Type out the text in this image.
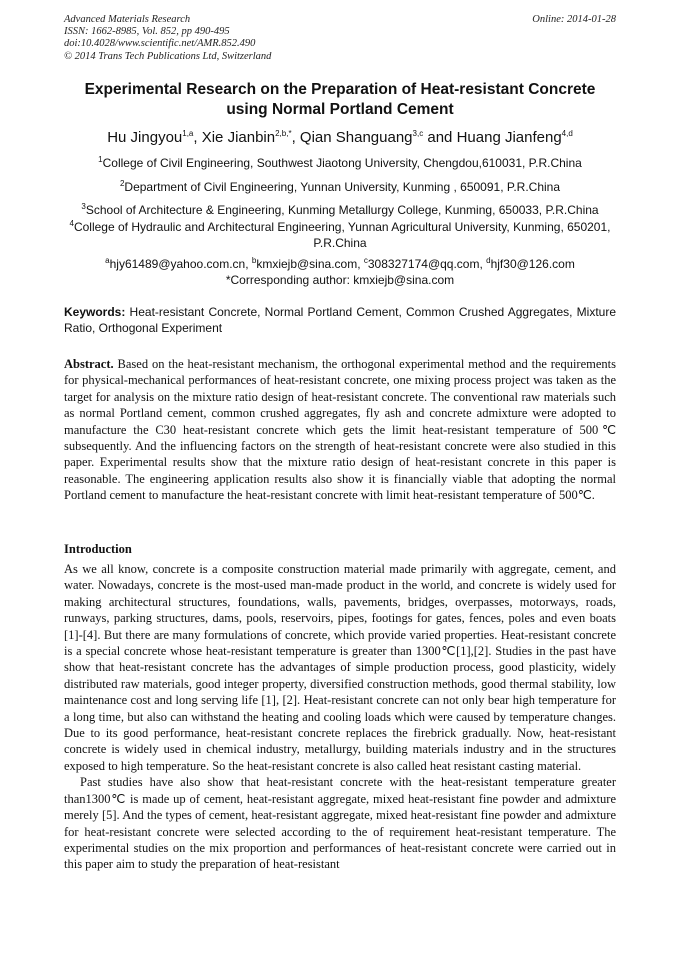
Advanced Materials Research
ISSN: 1662-8985, Vol. 852, pp 490-495
doi:10.4028/www.scientific.net/AMR.852.490
© 2014 Trans Tech Publications Ltd, Switzerland
Online: 2014-01-28
Experimental Research on the Preparation of Heat-resistant Concrete using Normal Portland Cement
Hu Jingyou$^{1,a}$, Xie Jianbin$^{2,b,*}$, Qian Shanguang$^{3,c}$ and Huang Jianfeng$^{4,d}$
$^1$College of Civil Engineering, Southwest Jiaotong University, Chengdou,610031, P.R.China
$^2$Department of Civil Engineering, Yunnan University, Kunming , 650091, P.R.China
$^3$School of Architecture & Engineering, Kunming Metallurgy College, Kunming, 650033, P.R.China
$^4$College of Hydraulic and Architectural Engineering, Yunnan Agricultural University, Kunming, 650201, P.R.China
$^a$hjy61489@yahoo.com.cn, $^b$kmxiejb@sina.com, $^c$308327174@qq.com, $^d$hjf30@126.com
*Corresponding author: kmxiejb@sina.com
Keywords: Heat-resistant Concrete, Normal Portland Cement, Common Crushed Aggregates, Mixture Ratio, Orthogonal Experiment
Abstract. Based on the heat-resistant mechanism, the orthogonal experimental method and the requirements for physical-mechanical performances of heat-resistant concrete, one mixing process project was taken as the target for analysis on the mixture ratio design of heat-resistant concrete. The conventional raw materials such as normal Portland cement, common crushed aggregates, fly ash and concrete admixture were adopted to manufacture the C30 heat-resistant concrete which gets the limit heat-resistant temperature of 500℃ subsequently. And the influencing factors on the strength of heat-resistant concrete were also studied in this paper. Experimental results show that the mixture ratio design of heat-resistant concrete in this paper is reasonable. The engineering application results also show it is financially viable that adopting the normal Portland cement to manufacture the heat-resistant concrete with limit heat-resistant temperature of 500℃.
Introduction

As we all know, concrete is a composite construction material made primarily with aggregate, cement, and water. Nowadays, concrete is the most-used man-made product in the world, and concrete is widely used for making architectural structures, foundations, walls, pavements, bridges, overpasses, motorways, roads, runways, parking structures, dams, pools, reservoirs, pipes, footings for gates, fences, poles and even boats [1]-[4]. But there are many formulations of concrete, which provide varied properties. Heat-resistant concrete is a special concrete whose heat-resistant temperature is greater than 1300℃[1],[2]. Studies in the past have show that heat-resistant concrete has the advantages of simple production process, good plasticity, widely distributed raw materials, good integer property, diversified construction methods, good thermal stability, low maintenance cost and long serving life [1], [2]. Heat-resistant concrete can not only bear high temperature for a long time, but also can withstand the heating and cooling loads which were caused by temperature changes. Due to its good performance, heat-resistant concrete replaces the firebrick gradually. Now, heat-resistant concrete is widely used in chemical industry, metallurgy, building materials industry and in the structures exposed to high temperature. So the heat-resistant concrete is also called heat resistant casting material.

Past studies have also show that heat-resistant concrete with the heat-resistant temperature greater than1300℃ is made up of cement, heat-resistant aggregate, mixed heat-resistant fine powder and admixture merely [5]. And the types of cement, heat-resistant aggregate, mixed heat-resistant fine powder and admixture for heat-resistant concrete were selected according to the of requirement heat-resistant temperature. The experimental studies on the mix proportion and performances of heat-resistant concrete were carried out in this paper aim to study the preparation of heat-resistant
